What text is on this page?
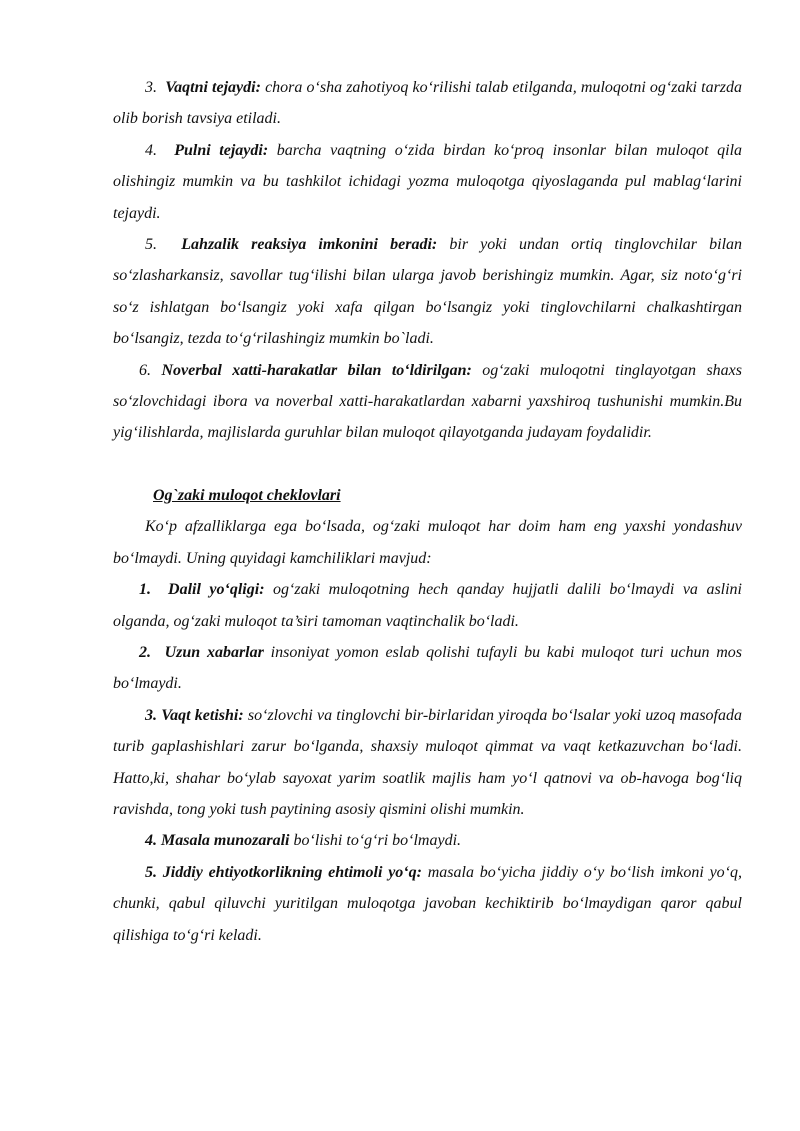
3. Vaqtni tejaydi: chora oʻsha zahotiyoq koʻrilishi talab etilganda, muloqotni ogʻzaki tarzda olib borish tavsiya etiladi.

4. Pulni tejaydi: barcha vaqtning oʻzida birdan koʻproq insonlar bilan muloqot qila olishingiz mumkin va bu tashkilot ichidagi yozma muloqotga qiyoslaganda pul mablagʻlarini tejaydi.

5. Lahzalik reaksiya imkonini beradi: bir yoki undan ortiq tinglovchilar bilan soʻzlasharkansiz, savollar tugʻilishi bilan ularga javob berishingiz mumkin. Agar, siz notoʻgʻri soʻz ishlatgan boʻlsangiz yoki xafa qilgan boʻlsangiz yoki tinglovchilarni chalkashtirgan boʻlsangiz, tezda toʻgʻrilashingiz mumkin bo`ladi.

6. Noverbal xatti-harakatlar bilan toʻldirilgan: ogʻzaki muloqotni tinglayotgan shaxs soʻzlovchidagi ibora va noverbal xatti-harakatlardan xabarni yaxshiroq tushunishi mumkin.Bu yigʻilishlarda, majlislarda guruhlar bilan muloqot qilayotganda judayam foydalidir.

Og`zaki muloqot cheklovlari

Koʻp afzalliklarga ega boʻlsada, ogʻzaki muloqot har doim ham eng yaxshi yondashuv boʻlmaydi. Uning quyidagi kamchiliklari mavjud:

1. Dalil yoʻqligi: ogʻzaki muloqotning hech qanday hujjatli dalili boʻlmaydi va aslini olganda, ogʻzaki muloqot ta’siri tamoman vaqtinchalik boʻladi.

2. Uzun xabarlar insoniyat yomon eslab qolishi tufayli bu kabi muloqot turi uchun mos boʻlmaydi.

3. Vaqt ketishi: soʻzlovchi va tinglovchi bir-birlaridan yiroqda boʻlsalar yoki uzoq masofada turib gaplashishlari zarur boʻlganda, shaxsiy muloqot qimmat va vaqt ketkazuvchan boʻladi. Hatto,ki, shahar boʻylab sayoxat yarim soatlik majlis ham yoʻl qatnovi va ob-havoga bogʻliq ravishda, tong yoki tush paytining asosiy qismini olishi mumkin.

4. Masala munozarali boʻlishi toʻgʻri boʻlmaydi.

5. Jiddiy ehtiyotkorlikning ehtimoli yoʻq: masala boʻyicha jiddiy oʻy boʻlish imkoni yoʻq, chunki, qabul qiluvchi yuritilgan muloqotga javoban kechiktirib boʻlmaydigan qaror qabul qilishiga toʻgʻri keladi.
